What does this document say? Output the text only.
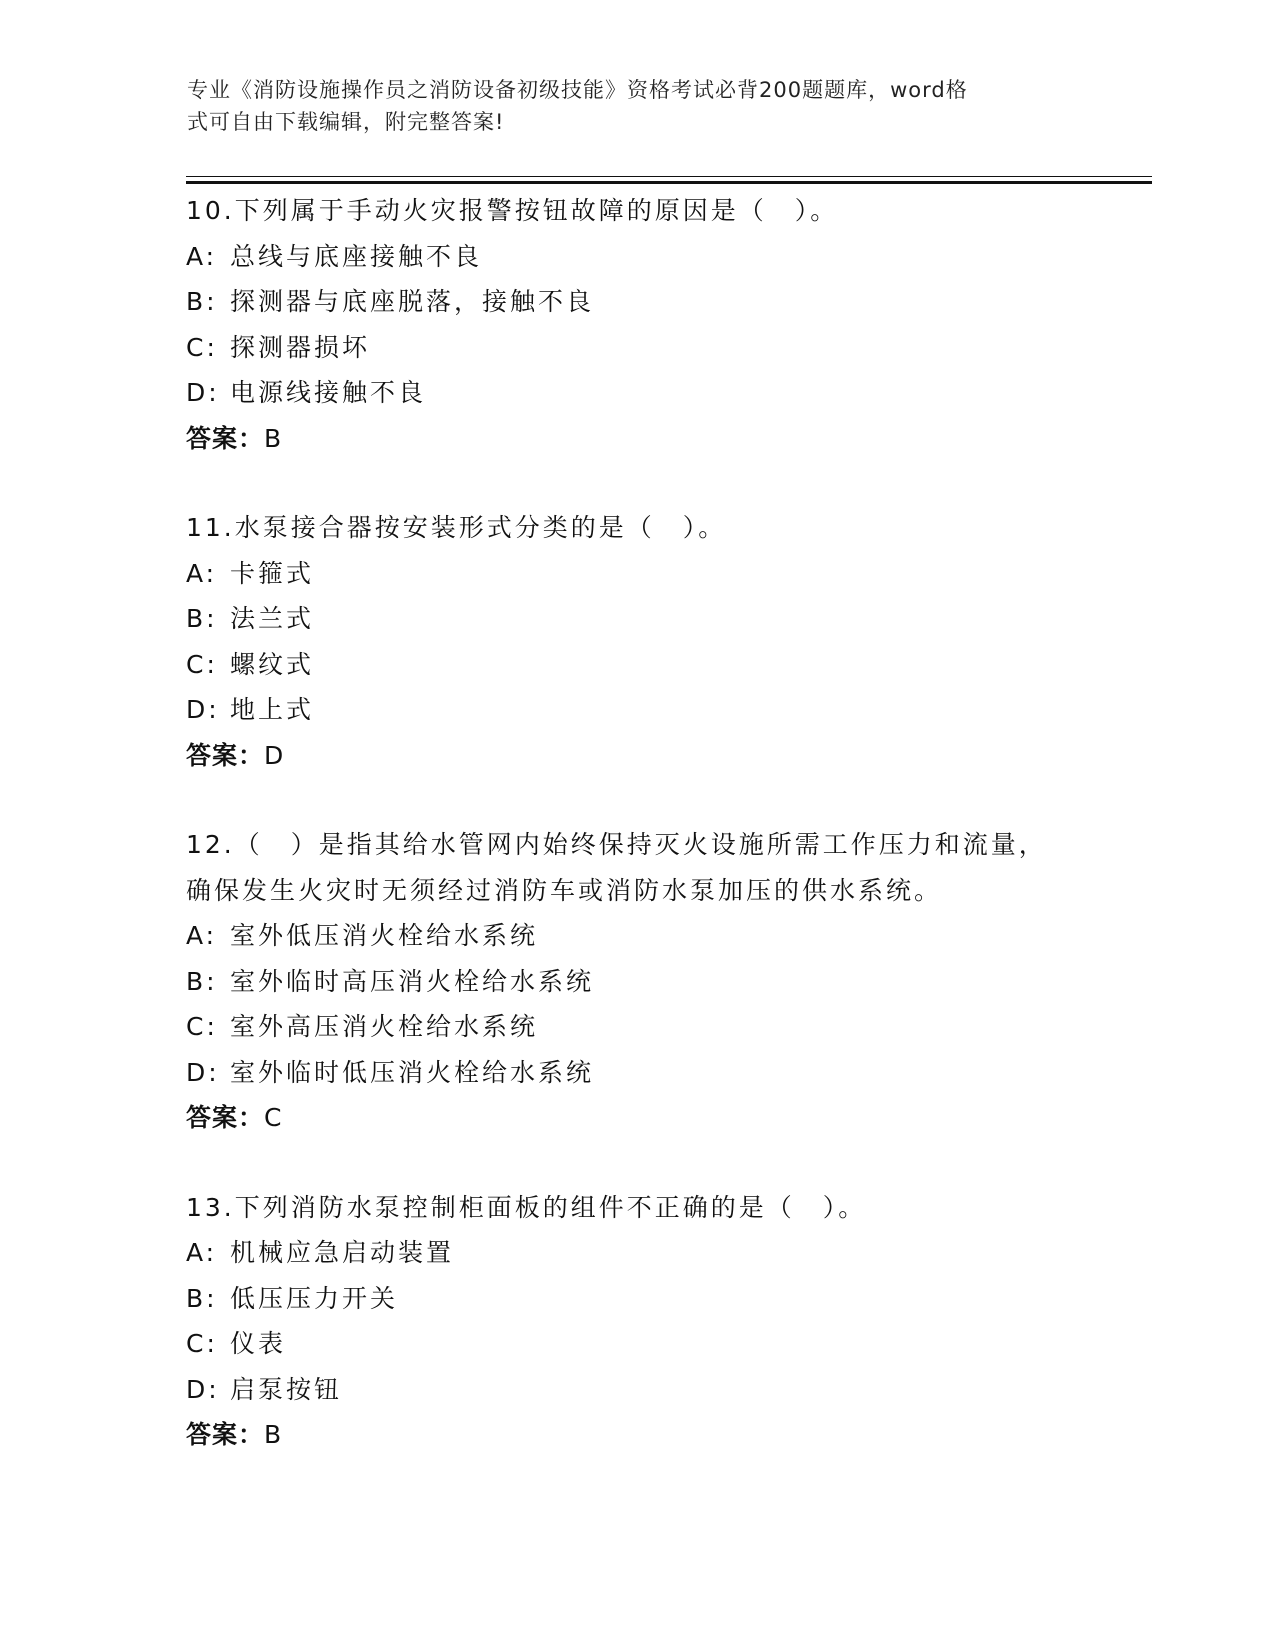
专业《消防设施操作员之消防设备初级技能》资格考试必背200题题库，word格
式可自由下载编辑，附完整答案!

10.下列属于手动火灾报警按钮故障的原因是（　）。

A: 总线与底座接触不良

B: 探测器与底座脱落，接触不良

C: 探测器损坏

D: 电源线接触不良

答案：B

11.水泵接合器按安装形式分类的是（　）。

A: 卡箍式

B: 法兰式

C: 螺纹式

D: 地上式

答案：D

12.（　）是指其给水管网内始终保持灭火设施所需工作压力和流量，

确保发生火灾时无须经过消防车或消防水泵加压的供水系统。

A: 室外低压消火栓给水系统

B: 室外临时高压消火栓给水系统

C: 室外高压消火栓给水系统

D: 室外临时低压消火栓给水系统

答案：C

13.下列消防水泵控制柜面板的组件不正确的是（　）。

A: 机械应急启动装置

B: 低压压力开关

C: 仪表

D: 启泵按钮

答案：B
